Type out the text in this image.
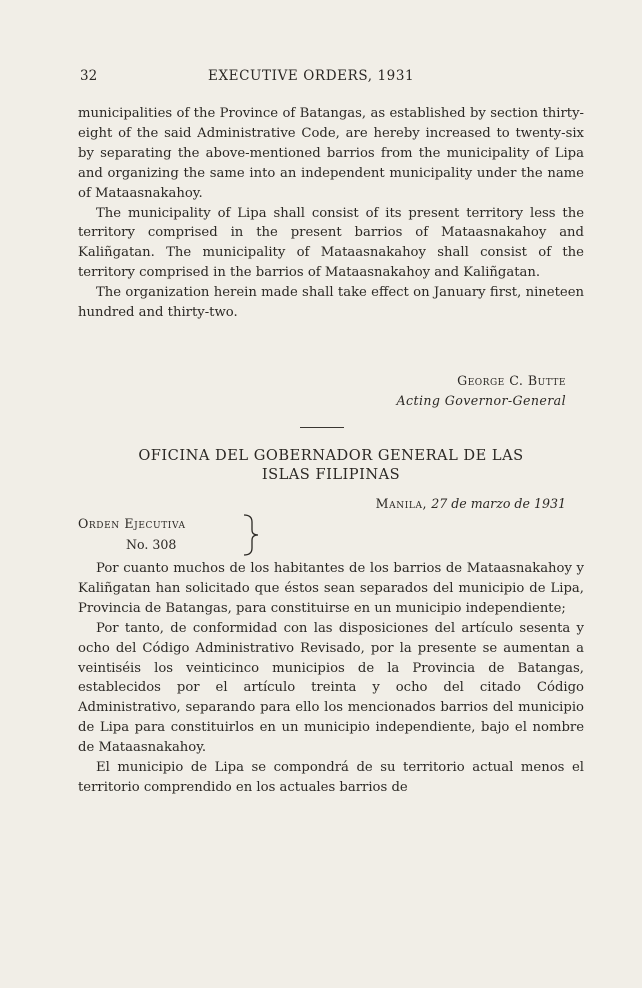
32	EXECUTIVE ORDERS, 1931

municipalities of the Province of Batangas, as established by section thirty-eight of the said Administrative Code, are hereby increased to twenty-six by separating the above-mentioned barrios from the municipality of Lipa and organizing the same into an independent municipality under the name of Mataasnakahoy.

The municipality of Lipa shall consist of its present territory less the territory comprised in the present barrios of Mataasnakahoy and Kaliñgatan. The municipality of Mataasnakahoy shall consist of the territory comprised in the barrios of Mataasnakahoy and Kaliñgatan.

The organization herein made shall take effect on January first, nineteen hundred and thirty-two.

George C. Butte
Acting Governor-General
OFICINA DEL GOBERNADOR GENERAL DE LAS
ISLAS FILIPINAS
Manila, 27 de marzo de 1931
Orden Ejecutiva
No. 308

Por cuanto muchos de los habitantes de los barrios de Mataasnakahoy y Kaliñgatan han solicitado que éstos sean separados del municipio de Lipa, Provincia de Batangas, para constituirse en un municipio independiente;

Por tanto, de conformidad con las disposiciones del artículo sesenta y ocho del Código Administrativo Revisado, por la presente se aumentan a veintiséis los veinticinco municipios de la Provincia de Batangas, establecidos por el artículo treinta y ocho del citado Código Administrativo, separando para ello los mencionados barrios del municipio de Lipa para constituirlos en un municipio independiente, bajo el nombre de Mataasnakahoy.

El municipio de Lipa se compondrá de su territorio actual menos el territorio comprendido en los actuales barrios de
